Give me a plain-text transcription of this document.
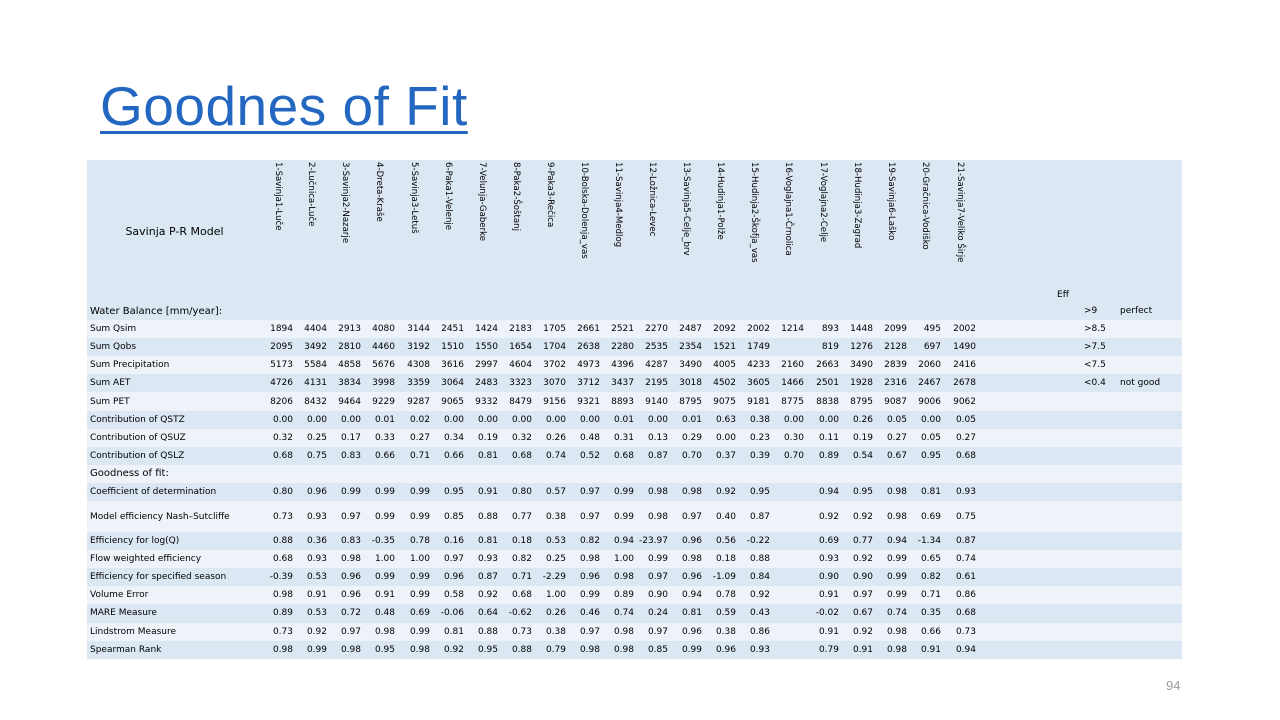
Goodnes of Fit
Savinja P-R Model	1-Savinja1-Luče	2-Lučnica-Luče	3-Savinja2-Nazarje	4-Dreta-Kraše	5-Savinja3-Letuš	6-Paka1-Velenje	7-Velunja-Gaberke	8-Paka2-Šoštanj	9-Paka3-Rečica	10-Bolska-Dolenja_vas	11-Savinja4-Medlog	12-Ložnica-Levec	13-Savinja5-Celje_brv	14-Hudinja1-Polže	15-Hudinja2-Škofja_vas	16-Voglajna1-Črnolica	17-Voglajna2-Celje	18-Hudinja3-Zagrad	19-Savinja6-Laško	20-Gračnica-Vodiško	21-Savinja7-Veliko Širje			Eff		
Water Balance [mm/year]:																									>9	perfect
Sum Qsim	1894	4404	2913	4080	3144	2451	1424	2183	1705	2661	2521	2270	2487	2092	2002	1214	893	1448	2099	495	2002				>8.5	
Sum Qobs	2095	3492	2810	4460	3192	1510	1550	1654	1704	2638	2280	2535	2354	1521	1749		819	1276	2128	697	1490				>7.5	
Sum Precipitation	5173	5584	4858	5676	4308	3616	2997	4604	3702	4973	4396	4287	3490	4005	4233	2160	2663	3490	2839	2060	2416				<7.5	
Sum AET	4726	4131	3834	3998	3359	3064	2483	3323	3070	3712	3437	2195	3018	4502	3605	1466	2501	1928	2316	2467	2678				<0.4	not good
Sum PET	8206	8432	9464	9229	9287	9065	9332	8479	9156	9321	8893	9140	8795	9075	9181	8775	8838	8795	9087	9006	9062					
Contribution of QSTZ	0.00	0.00	0.00	0.01	0.02	0.00	0.00	0.00	0.00	0.00	0.01	0.00	0.01	0.63	0.38	0.00	0.00	0.26	0.05	0.00	0.05					
Contribution of QSUZ	0.32	0.25	0.17	0.33	0.27	0.34	0.19	0.32	0.26	0.48	0.31	0.13	0.29	0.00	0.23	0.30	0.11	0.19	0.27	0.05	0.27					
Contribution of QSLZ	0.68	0.75	0.83	0.66	0.71	0.66	0.81	0.68	0.74	0.52	0.68	0.87	0.70	0.37	0.39	0.70	0.89	0.54	0.67	0.95	0.68					
Goodness of fit:																										
Coefficient of determination	0.80	0.96	0.99	0.99	0.99	0.95	0.91	0.80	0.57	0.97	0.99	0.98	0.98	0.92	0.95		0.94	0.95	0.98	0.81	0.93					
Model efficiency Nash–Sutcliffe	0.73	0.93	0.97	0.99	0.99	0.85	0.88	0.77	0.38	0.97	0.99	0.98	0.97	0.40	0.87		0.92	0.92	0.98	0.69	0.75					
Efficiency for log(Q)	0.88	0.36	0.83	-0.35	0.78	0.16	0.81	0.18	0.53	0.82	0.94	-23.97	0.96	0.56	-0.22		0.69	0.77	0.94	-1.34	0.87					
Flow weighted efficiency	0.68	0.93	0.98	1.00	1.00	0.97	0.93	0.82	0.25	0.98	1.00	0.99	0.98	0.18	0.88		0.93	0.92	0.99	0.65	0.74					
Efficiency for specified season	-0.39	0.53	0.96	0.99	0.99	0.96	0.87	0.71	-2.29	0.96	0.98	0.97	0.96	-1.09	0.84		0.90	0.90	0.99	0.82	0.61					
Volume Error	0.98	0.91	0.96	0.91	0.99	0.58	0.92	0.68	1.00	0.99	0.89	0.90	0.94	0.78	0.92		0.91	0.97	0.99	0.71	0.86					
MARE Measure	0.89	0.53	0.72	0.48	0.69	-0.06	0.64	-0.62	0.26	0.46	0.74	0.24	0.81	0.59	0.43		-0.02	0.67	0.74	0.35	0.68					
Lindstrom Measure	0.73	0.92	0.97	0.98	0.99	0.81	0.88	0.73	0.38	0.97	0.98	0.97	0.96	0.38	0.86		0.91	0.92	0.98	0.66	0.73					
Spearman Rank	0.98	0.99	0.98	0.95	0.98	0.92	0.95	0.88	0.79	0.98	0.98	0.85	0.99	0.96	0.93		0.79	0.91	0.98	0.91	0.94					
94
